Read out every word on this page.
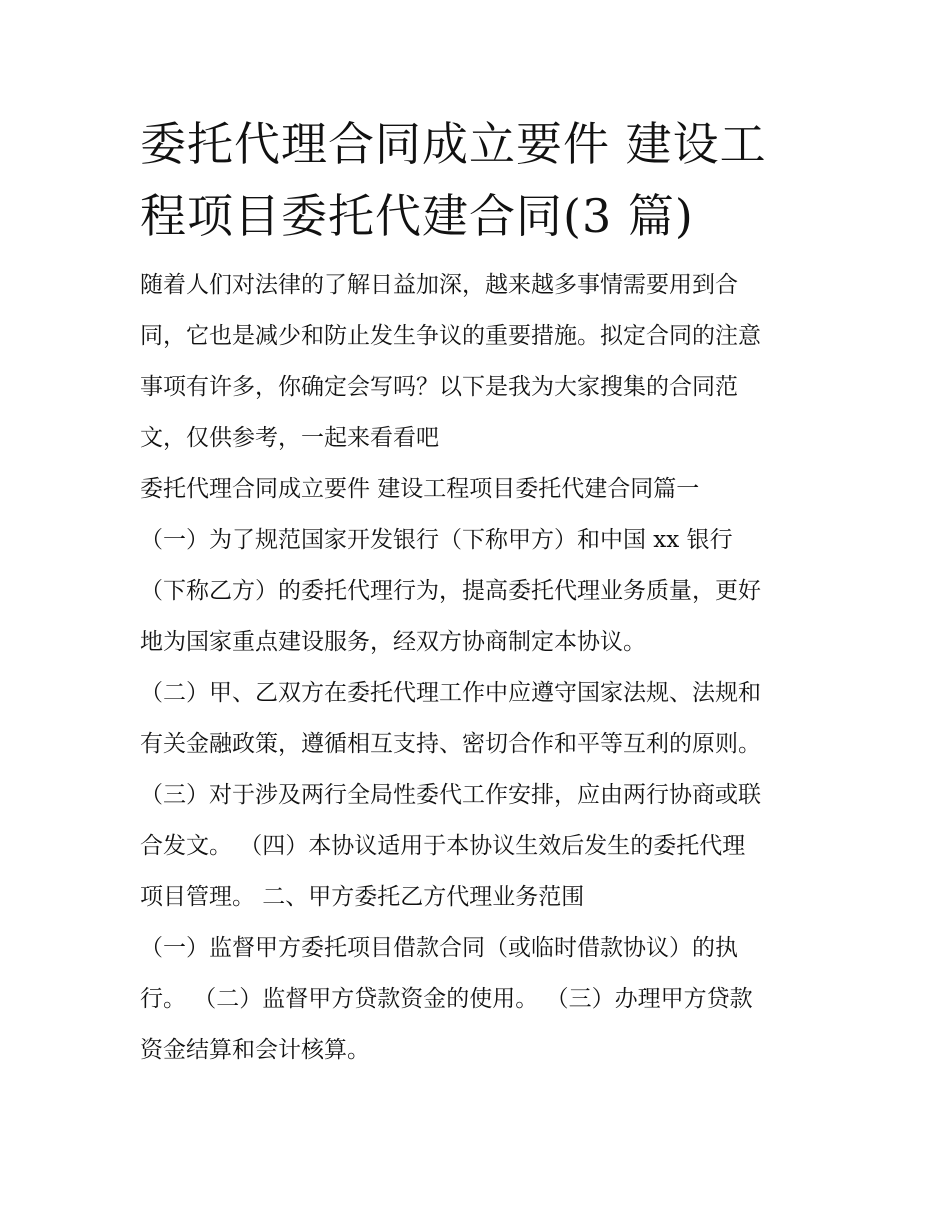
委托代理合同成立要件 建设工
程项目委托代建合同(3 篇)

随着人们对法律的了解日益加深，越来越多事情需要用到合
同，它也是减少和防止发生争议的重要措施。拟定合同的注意
事项有许多，你确定会写吗？以下是我为大家搜集的合同范
文，仅供参考，一起来看看吧

委托代理合同成立要件 建设工程项目委托代建合同篇一

（一）为了规范国家开发银行（下称甲方）和中国 xx 银行
（下称乙方）的委托代理行为，提高委托代理业务质量，更好
地为国家重点建设服务，经双方协商制定本协议。

（二）甲、乙双方在委托代理工作中应遵守国家法规、法规和
有关金融政策，遵循相互支持、密切合作和平等互利的原则。

（三）对于涉及两行全局性委代工作安排，应由两行协商或联
合发文。 （四）本协议适用于本协议生效后发生的委托代理
项目管理。 二、甲方委托乙方代理业务范围

（一）监督甲方委托项目借款合同（或临时借款协议）的执
行。 （二）监督甲方贷款资金的使用。 （三）办理甲方贷款
资金结算和会计核算。
